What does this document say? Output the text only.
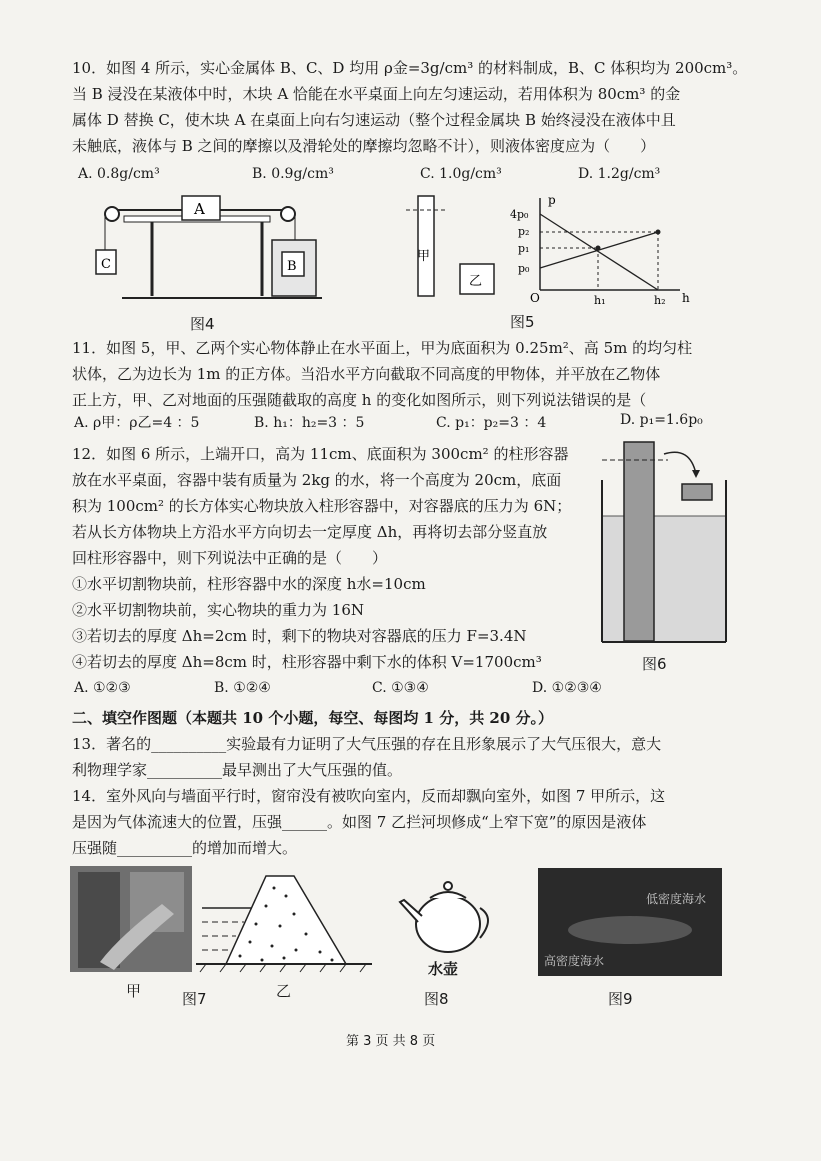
10．如图 4 所示，实心金属体 B、C、D 均用 ρ金=3g/cm³ 的材料制成，B、C 体积均为 200cm³。
当 B 浸没在某液体中时，木块 A 恰能在水平桌面上向左匀速运动，若用体积为 80cm³ 的金
属体 D 替换 C，使木块 A 在桌面上向右匀速运动（整个过程金属块 B 始终浸没在液体中且
未触底，液体与 B 之间的摩擦以及滑轮处的摩擦均忽略不计），则液体密度应为（　　）
A. 0.8g/cm³	B. 0.9g/cm³	C. 1.0g/cm³	D. 1.2g/cm³
A
C	B
图4
甲
乙
p
h
O
4p₀
p₂
p₁
p₀
h₁	h₂
图5
11．如图 5，甲、乙两个实心物体静止在水平面上，甲为底面积为 0.25m²、高 5m 的均匀柱
状体，乙为边长为 1m 的正方体。当沿水平方向截取不同高度的甲物体，并平放在乙物体
正上方，甲、乙对地面的压强随截取的高度 h 的变化如图所示，则下列说法错误的是（
A. ρ甲：ρ乙=4 ：5	B. h₁：h₂=3 ：5	C. p₁：p₂=3 ：4	D. p₁=1.6p₀
12．如图 6 所示，上端开口，高为 11cm、底面积为 300cm² 的柱形容器
放在水平桌面，容器中装有质量为 2kg 的水，将一个高度为 20cm，底面
积为 100cm² 的长方体实心物块放入柱形容器中，对容器底的压力为 6N；
若从长方体物块上方沿水平方向切去一定厚度 Δh，再将切去部分竖直放
回柱形容器中，则下列说法中正确的是（　　）
①水平切割物块前，柱形容器中水的深度 h水=10cm
②水平切割物块前，实心物块的重力为 16N
③若切去的厚度 Δh=2cm 时，剩下的物块对容器底的压力 F=3.4N
④若切去的厚度 Δh=8cm 时，柱形容器中剩下水的体积 V=1700cm³
A. ①②③	B. ①②④	C. ①③④	D. ①②③④
图6
二、填空作图题（本题共 10 个小题，每空、每图均 1 分，共 20 分。）
13．著名的__________实验最有力证明了大气压强的存在且形象展示了大气压很大，意大
利物理学家__________最早测出了大气压强的值。
14．室外风向与墙面平行时，窗帘没有被吹向室内，反而却飘向室外，如图 7 甲所示，这
是因为气体流速大的位置，压强______。如图 7 乙拦河坝修成“上窄下宽”的原因是液体
压强随__________的增加而增大。
甲	图7	乙
水壶
图8
低密度海水
高密度海水
图9
第 3 页 共 8 页
